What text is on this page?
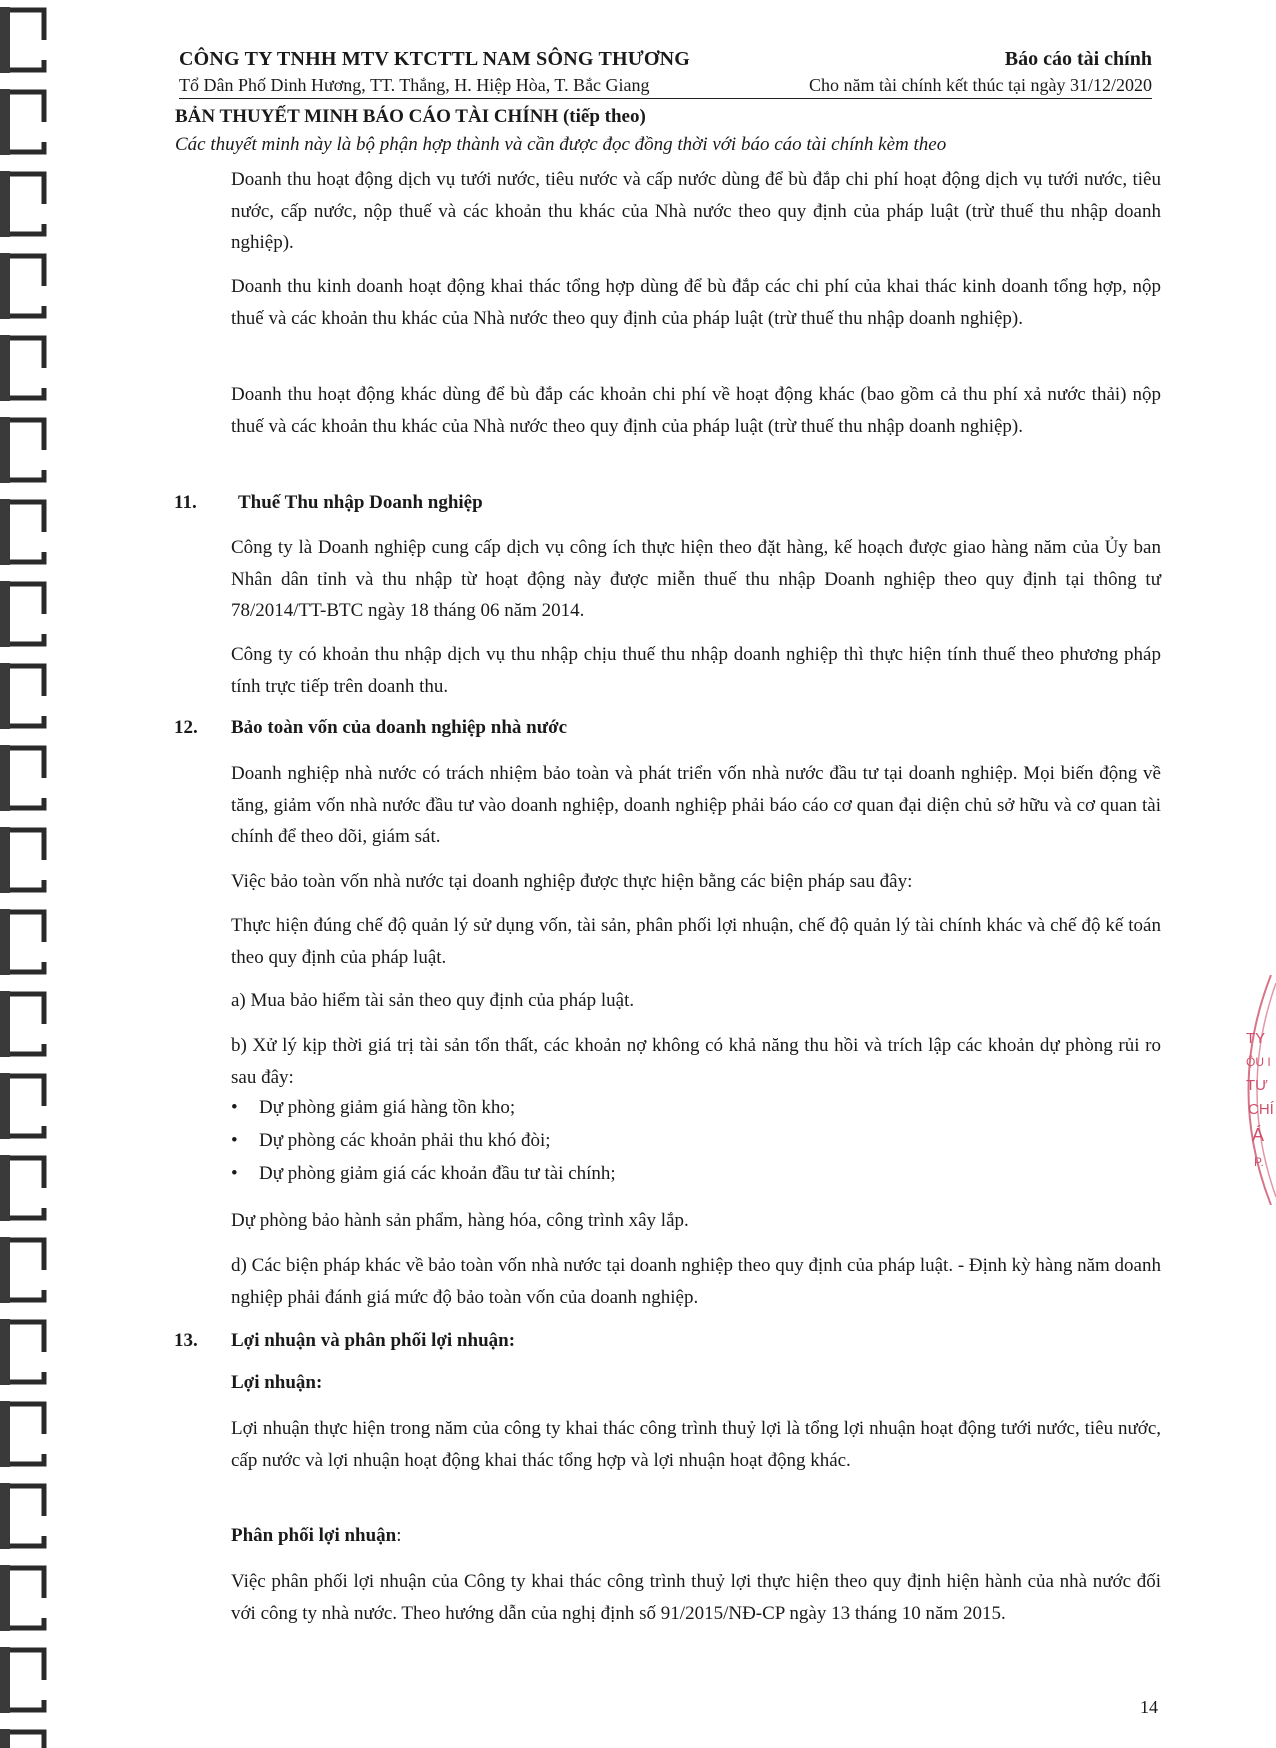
CÔNG TY TNHH MTV KTCTTL NAM SÔNG THƯƠNG	Báo cáo tài chính
Tổ Dân Phố Dinh Hương, TT. Thắng, H. Hiệp Hòa, T. Bắc Giang	Cho năm tài chính kết thúc tại ngày 31/12/2020
BẢN THUYẾT MINH BÁO CÁO TÀI CHÍNH (tiếp theo)
Các thuyết minh này là bộ phận hợp thành và cần được đọc đồng thời với báo cáo tài chính kèm theo

Doanh thu hoạt động dịch vụ tưới nước, tiêu nước và cấp nước dùng để bù đắp chi phí hoạt động dịch vụ tưới nước, tiêu nước, cấp nước, nộp thuế và các khoản thu khác của Nhà nước theo quy định của pháp luật (trừ thuế thu nhập doanh nghiệp).

Doanh thu kinh doanh hoạt động khai thác tổng hợp dùng để bù đắp các chi phí của khai thác kinh doanh tổng hợp, nộp thuế và các khoản thu khác của Nhà nước theo quy định của pháp luật (trừ thuế thu nhập doanh nghiệp).

Doanh thu hoạt động khác dùng để bù đắp các khoản chi phí về hoạt động khác (bao gồm cả thu phí xả nước thải) nộp thuế và các khoản thu khác của Nhà nước theo quy định của pháp luật (trừ thuế thu nhập doanh nghiệp).

11. Thuế Thu nhập Doanh nghiệp

Công ty là Doanh nghiệp cung cấp dịch vụ công ích thực hiện theo đặt hàng, kế hoạch được giao hàng năm của Ủy ban Nhân dân tỉnh và thu nhập từ hoạt động này được miễn thuế thu nhập Doanh nghiệp theo quy định tại thông tư 78/2014/TT-BTC ngày 18 tháng 06 năm 2014.

Công ty có khoản thu nhập dịch vụ thu nhập chịu thuế thu nhập doanh nghiệp thì thực hiện tính thuế theo phương pháp tính trực tiếp trên doanh thu.

12. Bảo toàn vốn của doanh nghiệp nhà nước

Doanh nghiệp nhà nước có trách nhiệm bảo toàn và phát triển vốn nhà nước đầu tư tại doanh nghiệp. Mọi biến động về tăng, giảm vốn nhà nước đầu tư vào doanh nghiệp, doanh nghiệp phải báo cáo cơ quan đại diện chủ sở hữu và cơ quan tài chính để theo dõi, giám sát.

Việc bảo toàn vốn nhà nước tại doanh nghiệp được thực hiện bằng các biện pháp sau đây:

Thực hiện đúng chế độ quản lý sử dụng vốn, tài sản, phân phối lợi nhuận, chế độ quản lý tài chính khác và chế độ kế toán theo quy định của pháp luật.

a) Mua bảo hiểm tài sản theo quy định của pháp luật.

b) Xử lý kịp thời giá trị tài sản tổn thất, các khoản nợ không có khả năng thu hồi và trích lập các khoản dự phòng rủi ro sau đây:

• Dự phòng giảm giá hàng tồn kho;
• Dự phòng các khoản phải thu khó đòi;
• Dự phòng giảm giá các khoản đầu tư tài chính;

Dự phòng bảo hành sản phẩm, hàng hóa, công trình xây lắp.

d) Các biện pháp khác về bảo toàn vốn nhà nước tại doanh nghiệp theo quy định của pháp luật. - Định kỳ hàng năm doanh nghiệp phải đánh giá mức độ bảo toàn vốn của doanh nghiệp.

13. Lợi nhuận và phân phối lợi nhuận:
Lợi nhuận:

Lợi nhuận thực hiện trong năm của công ty khai thác công trình thuỷ lợi là tổng lợi nhuận hoạt động tưới nước, tiêu nước, cấp nước và lợi nhuận hoạt động khai thác tổng hợp và lợi nhuận hoạt động khác.

Phân phối lợi nhuận:

Việc phân phối lợi nhuận của Công ty khai thác công trình thuỷ lợi thực hiện theo quy định hiện hành của nhà nước đối với công ty nhà nước. Theo hướng dẫn của nghị định số 91/2015/NĐ-CP ngày 13 tháng 10 năm 2015.

14
TY
ỘU I
TƯ
CHÍ
Á
P.
